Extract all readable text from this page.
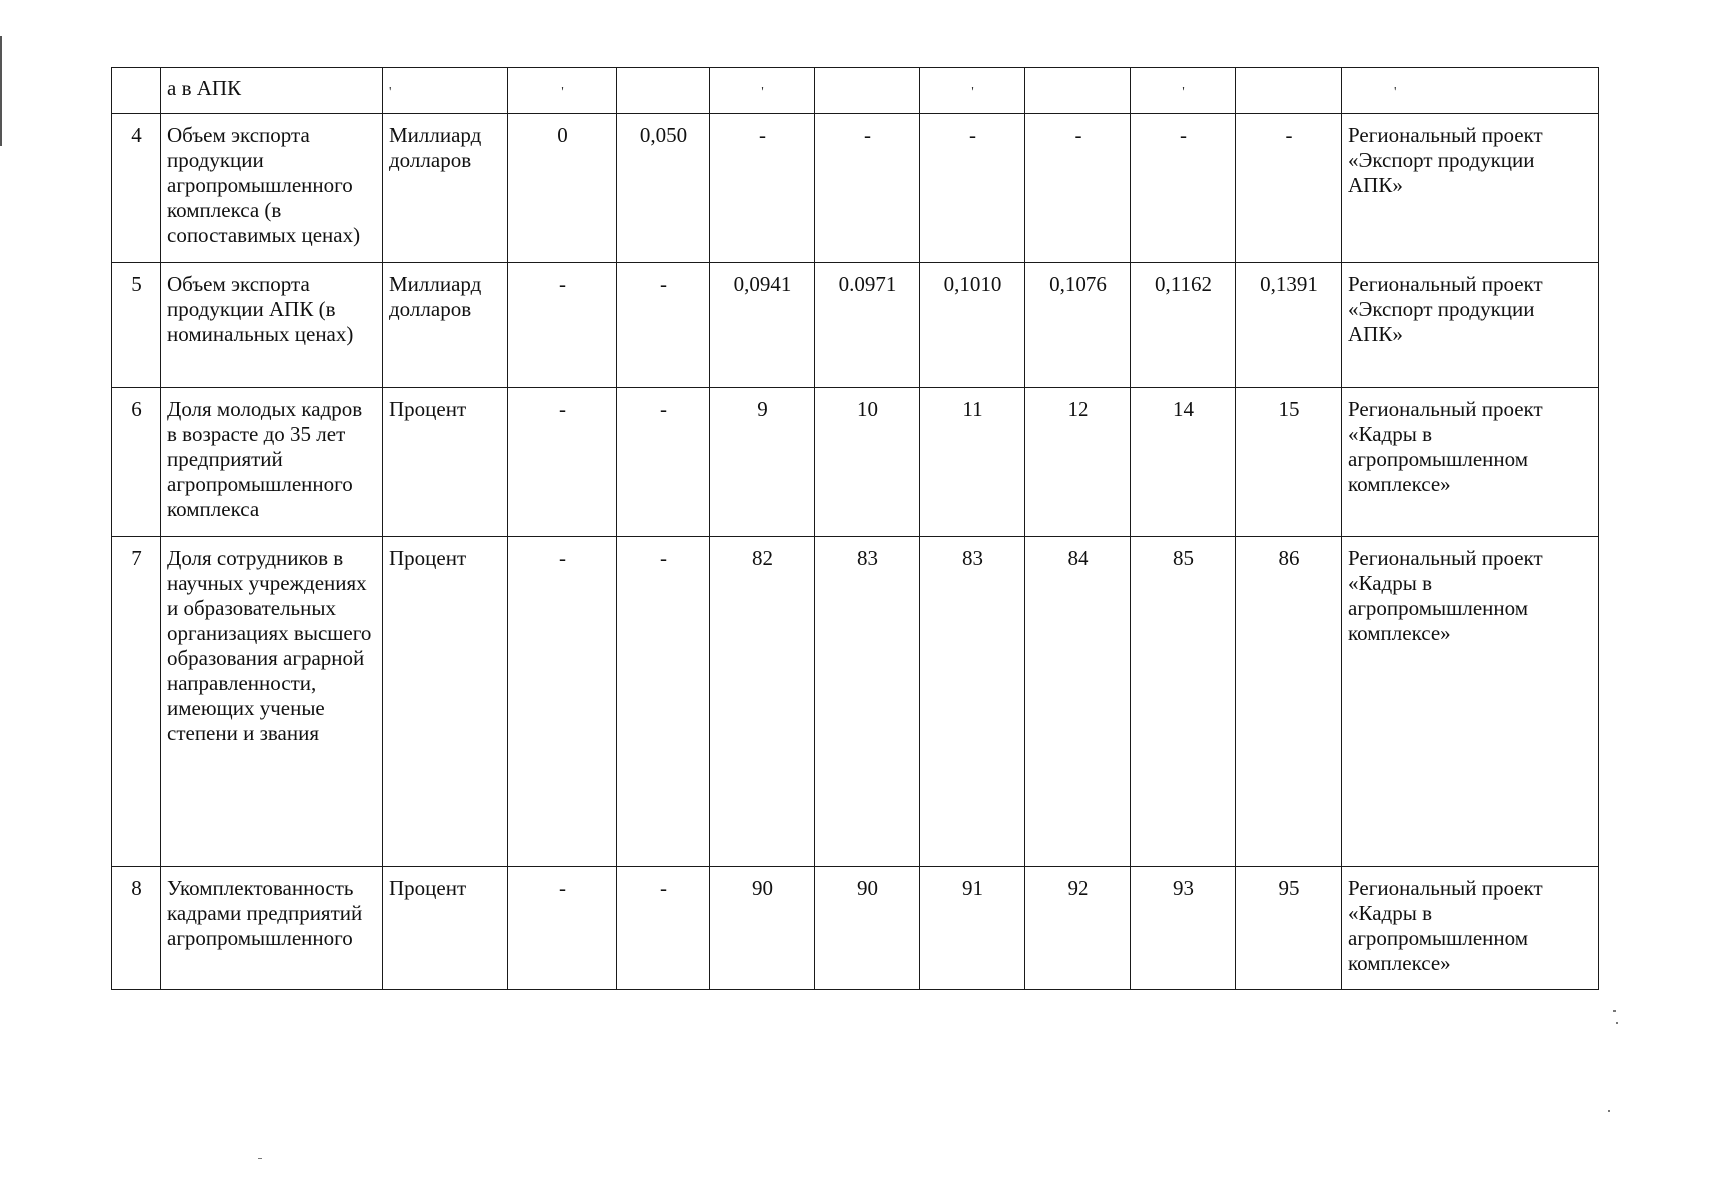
	а в АПК	'	'		'		'		'		'
4	Объем экспорта продукции агропромышленного комплекса (в сопоставимых ценах)	Миллиард долларов	0	0,050	-	-	-	-	-	-	Региональный проект «Экспорт продукции АПК»
5	Объем экспорта продукции АПК (в номинальных ценах)	Миллиард долларов	-	-	0,0941	0.0971	0,1010	0,1076	0,1162	0,1391	Региональный проект «Экспорт продукции АПК»
6	Доля молодых кадров в возрасте до 35 лет предприятий агропромышленного комплекса	Процент	-	-	9	10	11	12	14	15	Региональный проект «Кадры в агропромышленном комплексе»
7	Доля сотрудников в научных учреждениях и образовательных организациях высшего образования аграрной направленности, имеющих ученые степени и звания	Процент	-	-	82	83	83	84	85	86	Региональный проект «Кадры в агропромышленном комплексе»
8	Укомплектованность кадрами предприятий агропромышленного	Процент	-	-	90	90	91	92	93	95	Региональный проект «Кадры в агропромышленном комплексе»
